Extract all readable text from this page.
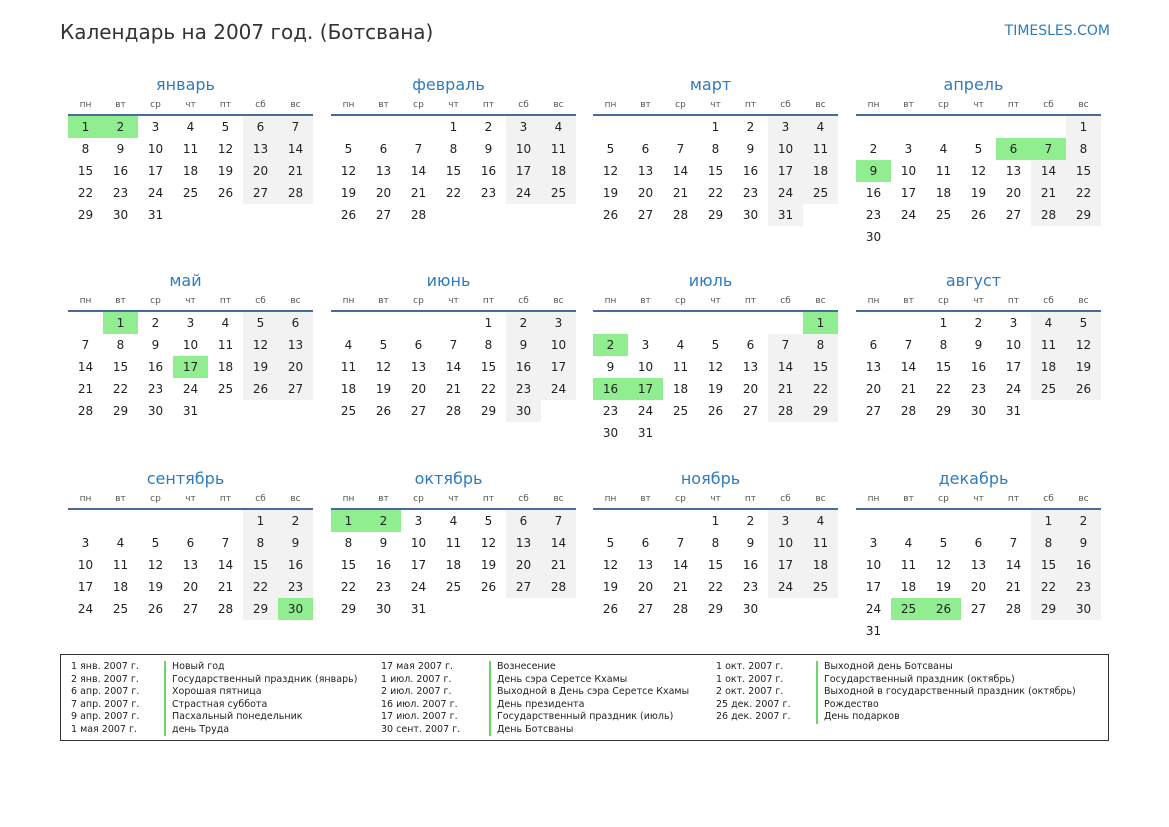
Календарь на 2007 год. (Ботсвана)	TIMESLES.COM
январь
пн	вт	ср	чт	пт	сб	вс
1	2	3	4	5	6	7
8	9	10	11	12	13	14
15	16	17	18	19	20	21
22	23	24	25	26	27	28
29	30	31				
февраль
пн	вт	ср	чт	пт	сб	вс
			1	2	3	4
5	6	7	8	9	10	11
12	13	14	15	16	17	18
19	20	21	22	23	24	25
26	27	28				
март
пн	вт	ср	чт	пт	сб	вс
			1	2	3	4
5	6	7	8	9	10	11
12	13	14	15	16	17	18
19	20	21	22	23	24	25
26	27	28	29	30	31	
апрель
пн	вт	ср	чт	пт	сб	вс
						1
2	3	4	5	6	7	8
9	10	11	12	13	14	15
16	17	18	19	20	21	22
23	24	25	26	27	28	29
30						
май
пн	вт	ср	чт	пт	сб	вс
	1	2	3	4	5	6
7	8	9	10	11	12	13
14	15	16	17	18	19	20
21	22	23	24	25	26	27
28	29	30	31			
июнь
пн	вт	ср	чт	пт	сб	вс
				1	2	3
4	5	6	7	8	9	10
11	12	13	14	15	16	17
18	19	20	21	22	23	24
25	26	27	28	29	30	
июль
пн	вт	ср	чт	пт	сб	вс
						1
2	3	4	5	6	7	8
9	10	11	12	13	14	15
16	17	18	19	20	21	22
23	24	25	26	27	28	29
30	31					
август
пн	вт	ср	чт	пт	сб	вс
		1	2	3	4	5
6	7	8	9	10	11	12
13	14	15	16	17	18	19
20	21	22	23	24	25	26
27	28	29	30	31		
сентябрь
пн	вт	ср	чт	пт	сб	вс
					1	2
3	4	5	6	7	8	9
10	11	12	13	14	15	16
17	18	19	20	21	22	23
24	25	26	27	28	29	30
октябрь
пн	вт	ср	чт	пт	сб	вс
1	2	3	4	5	6	7
8	9	10	11	12	13	14
15	16	17	18	19	20	21
22	23	24	25	26	27	28
29	30	31				
ноябрь
пн	вт	ср	чт	пт	сб	вс
			1	2	3	4
5	6	7	8	9	10	11
12	13	14	15	16	17	18
19	20	21	22	23	24	25
26	27	28	29	30		
декабрь
пн	вт	ср	чт	пт	сб	вс
					1	2
3	4	5	6	7	8	9
10	11	12	13	14	15	16
17	18	19	20	21	22	23
24	25	26	27	28	29	30
31						
1 янв. 2007 г.	Новый год
2 янв. 2007 г.	Государственный праздник (январь)
6 апр. 2007 г.	Хорошая пятница
7 апр. 2007 г.	Страстная суббота
9 апр. 2007 г.	Пасхальный понедельник
1 мая 2007 г.	день Труда
17 мая 2007 г.	Вознесение
1 июл. 2007 г.	День сэра Серетсе Кхамы
2 июл. 2007 г.	Выходной в День сэра Серетсе Кхамы
16 июл. 2007 г.	День президента
17 июл. 2007 г.	Государственный праздник (июль)
30 сент. 2007 г.	День Ботсваны
1 окт. 2007 г.	Выходной день Ботсваны
1 окт. 2007 г.	Государственный праздник (октябрь)
2 окт. 2007 г.	Выходной в государственный праздник (октябрь)
25 дек. 2007 г.	Рождество
26 дек. 2007 г.	День подарков
